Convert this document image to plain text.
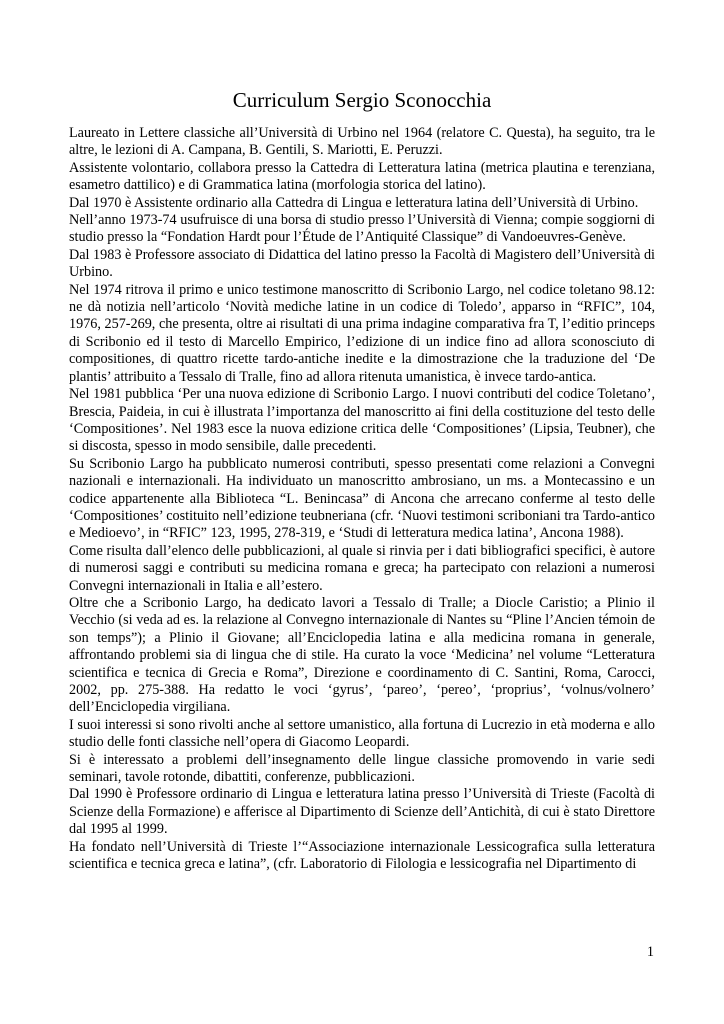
Curriculum Sergio Sconocchia

Laureato in Lettere classiche all’Università di Urbino nel 1964 (relatore C. Questa), ha seguito, tra le altre, le lezioni di A. Campana, B. Gentili, S. Mariotti, E. Peruzzi.

Assistente volontario, collabora presso la Cattedra di Letteratura latina (metrica plautina e terenziana, esametro dattilico) e di Grammatica latina (morfologia storica del latino).

Dal 1970 è Assistente ordinario alla Cattedra di Lingua e letteratura latina dell’Università di Urbino.

Nell’anno 1973-74 usufruisce di una borsa di studio presso l’Università di Vienna; compie soggiorni di studio presso la “Fondation Hardt pour l’Étude de l’Antiquité Classique” di Vandoeuvres-Genève.

Dal 1983 è Professore associato di Didattica del latino presso la Facoltà di Magistero dell’Università di Urbino.

Nel 1974 ritrova il primo e unico testimone manoscritto di Scribonio Largo, nel codice toletano 98.12: ne dà notizia nell’articolo ‘Novità mediche latine in un codice di Toledo’, apparso in “RFIC”, 104, 1976, 257-269, che presenta, oltre ai risultati di una prima indagine comparativa fra T, l’editio princeps di Scribonio ed il testo di Marcello Empirico, l’edizione di un indice fino ad allora sconosciuto di compositiones, di quattro ricette tardo-antiche inedite e la dimostrazione che la traduzione del ‘De plantis’ attribuito a Tessalo di Tralle, fino ad allora ritenuta umanistica, è invece tardo-antica.

Nel 1981 pubblica ‘Per una nuova edizione di Scribonio Largo. I nuovi contributi del codice Toletano’, Brescia, Paideia, in cui è illustrata l’importanza del manoscritto ai fini della costituzione del testo delle ‘Compositiones’. Nel 1983 esce la nuova edizione critica delle ‘Compositiones’ (Lipsia, Teubner), che si discosta, spesso in modo sensibile, dalle precedenti.

Su Scribonio Largo ha pubblicato numerosi contributi, spesso presentati come relazioni a Convegni nazionali e internazionali. Ha individuato un manoscritto ambrosiano, un ms. a Montecassino e un codice appartenente alla Biblioteca “L. Benincasa” di Ancona che arrecano conferme al testo delle ‘Compositiones’ costituito nell’edizione teubneriana (cfr. ‘Nuovi testimoni scriboniani tra Tardo-antico e Medioevo’, in “RFIC” 123, 1995, 278-319, e ‘Studi di letteratura medica latina’, Ancona 1988).

Come risulta dall’elenco delle pubblicazioni, al quale si rinvia per i dati bibliografici specifici, è autore di numerosi saggi e contributi su medicina romana e greca; ha partecipato con relazioni a numerosi Convegni internazionali in Italia e all’estero.

Oltre che a Scribonio Largo, ha dedicato lavori a Tessalo di Tralle; a Diocle Caristio; a Plinio il Vecchio (si veda ad es. la relazione al Convegno internazionale di Nantes su “Pline l’Ancien témoin de son temps”); a Plinio il Giovane; all’Enciclopedia latina e alla medicina romana in generale, affrontando problemi sia di lingua che di stile. Ha curato la voce ‘Medicina’ nel volume “Letteratura scientifica e tecnica di Grecia e Roma”, Direzione e coordinamento di C. Santini, Roma, Carocci, 2002, pp. 275-388. Ha redatto le voci ‘gyrus’, ‘pareo’, ‘pereo’, ‘proprius’, ‘volnus/volnero’ dell’Enciclopedia virgiliana.

I suoi interessi si sono rivolti anche al settore umanistico, alla fortuna di Lucrezio in età moderna e allo studio delle fonti classiche nell’opera di Giacomo Leopardi.

Si è interessato a problemi dell’insegnamento delle lingue classiche promovendo in varie sedi seminari, tavole rotonde, dibattiti, conferenze, pubblicazioni.

Dal 1990 è Professore ordinario di Lingua e letteratura latina presso l’Università di Trieste (Facoltà di Scienze della Formazione) e afferisce al Dipartimento di Scienze dell’Antichità, di cui è stato Direttore dal 1995 al 1999.

Ha fondato nell’Università di Trieste l’“Associazione internazionale Lessicografica sulla letteratura scientifica e tecnica greca e latina”, (cfr. Laboratorio di Filologia e lessicografia nel Dipartimento di

1
